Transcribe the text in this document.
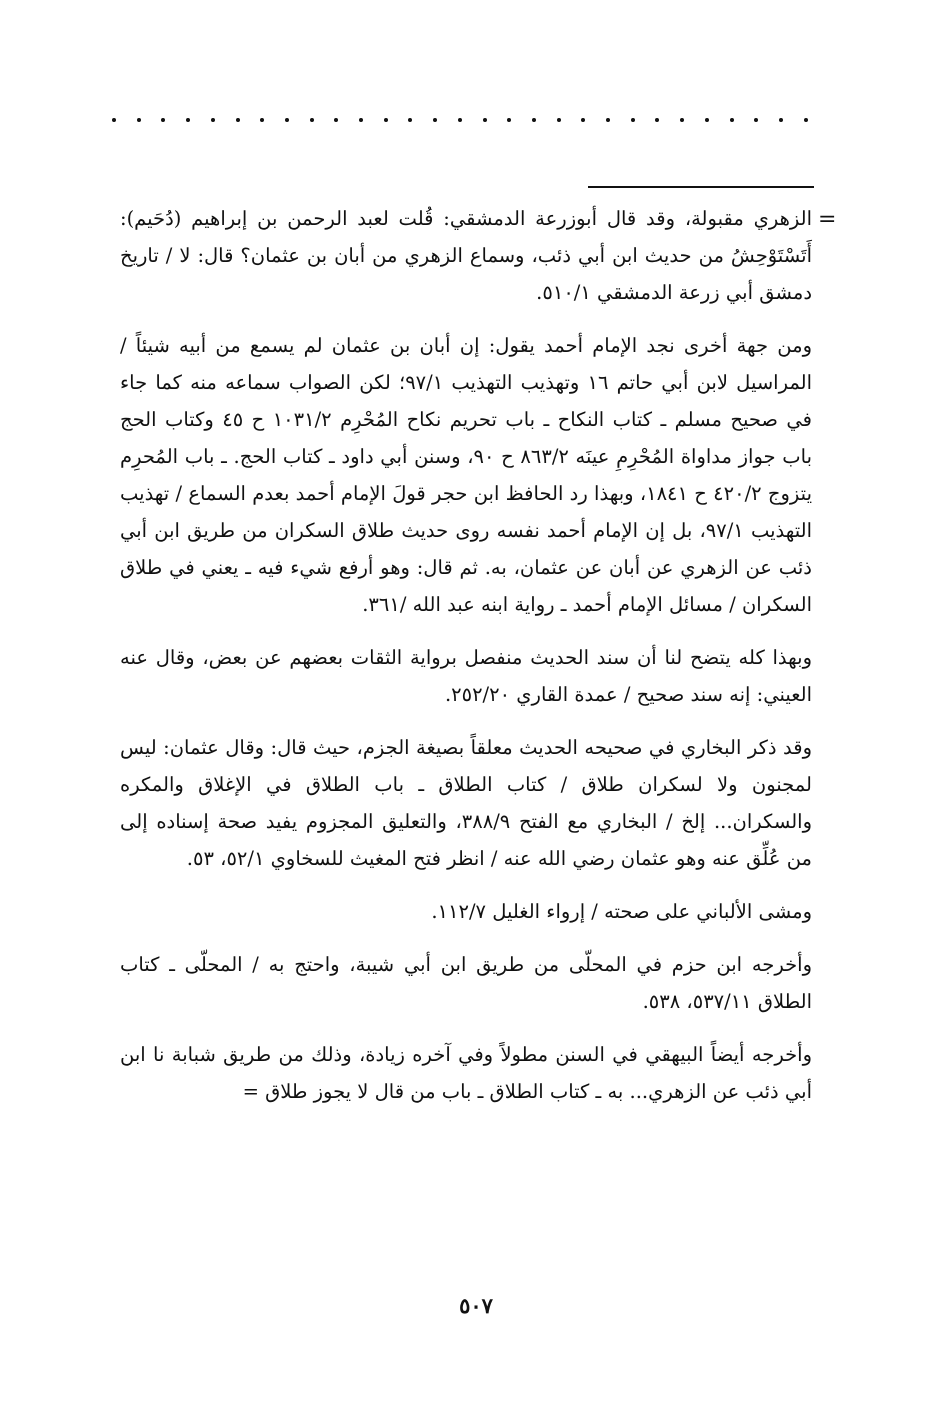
=

الزهري مقبولة، وقد قال أبوزرعة الدمشقي: قُلت لعبد الرحمن بن إبراهيم (دُحَيم): أَتَسْتَوْحِشُ من حديث ابن أبي ذئب، وسماع الزهري من أبان بن عثمان؟ قال: لا / تاريخ دمشق أبي زرعة الدمشقي ٥١٠/١.

ومن جهة أخرى نجد الإمام أحمد يقول: إن أبان بن عثمان لم يسمع من أبيه شيئاً / المراسيل لابن أبي حاتم ١٦ وتهذيب التهذيب ٩٧/١؛ لكن الصواب سماعه منه كما جاء في صحيح مسلم ـ كتاب النكاح ـ باب تحريم نكاح المُحْرِم ١٠٣١/٢ ح ٤٥ وكتاب الحج باب جواز مداواة المُحْرِمِ عينَه ٨٦٣/٢ ح ٩٠، وسنن أبي داود ـ كتاب الحج. ـ باب المُحرِم يتزوج ٤٢٠/٢ ح ١٨٤١، وبهذا رد الحافظ ابن حجر قولَ الإمام أحمد بعدم السماع / تهذيب التهذيب ٩٧/١، بل إن الإمام أحمد نفسه روى حديث طلاق السكران من طريق ابن أبي ذئب عن الزهري عن أبان عن عثمان، به. ثم قال: وهو أرفع شيء فيه ـ يعني في طلاق السكران / مسائل الإمام أحمد ـ رواية ابنه عبد الله /٣٦١.

وبهذا كله يتضح لنا أن سند الحديث منفصل برواية الثقات بعضهم عن بعض، وقال عنه العيني: إنه سند صحيح / عمدة القاري ٢٥٢/٢٠.

وقد ذكر البخاري في صحيحه الحديث معلقاً بصيغة الجزم، حيث قال: وقال عثمان: ليس لمجنون ولا لسكران طلاق / كتاب الطلاق ـ باب الطلاق في الإغلاق والمكره والسكران... إلخ / البخاري مع الفتح ٣٨٨/٩، والتعليق المجزوم يفيد صحة إسناده إلى من عُلِّق عنه وهو عثمان رضي الله عنه / انظر فتح المغيث للسخاوي ٥٢/١، ٥٣.

ومشى الألباني على صحته / إرواء الغليل ١١٢/٧.

وأخرجه ابن حزم في المحلّى من طريق ابن أبي شيبة، واحتج به / المحلّى ـ كتاب الطلاق ٥٣٧/١١، ٥٣٨.

وأخرجه أيضاً البيهقي في السنن مطولاً وفي آخره زيادة، وذلك من طريق شبابة نا ابن أبي ذئب عن الزهري... به ـ كتاب الطلاق ـ باب من قال لا يجوز طلاق =

٥٠٧
